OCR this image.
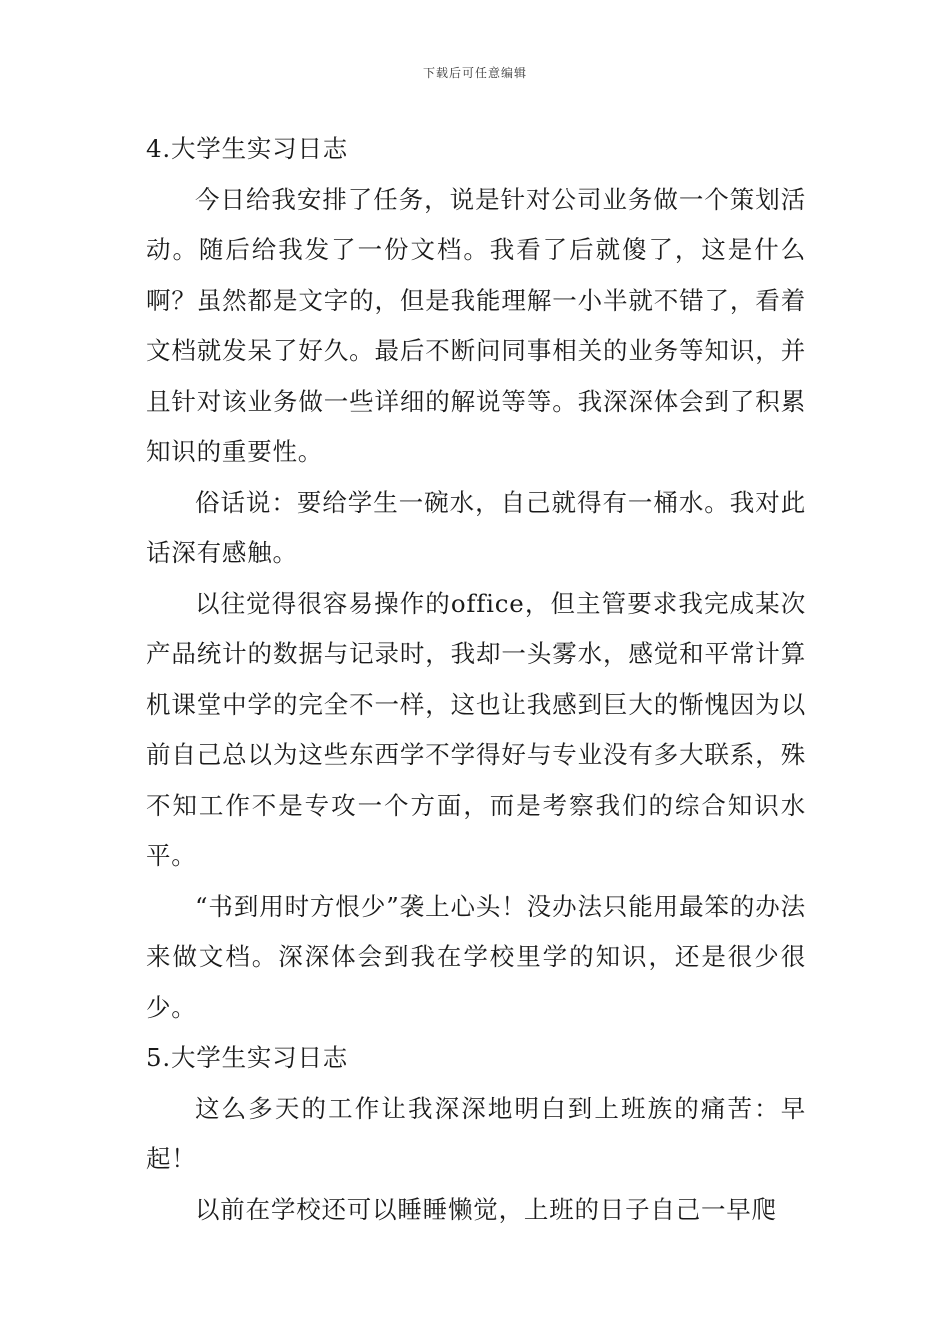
下载后可任意编辑
4.大学生实习日志

今日给我安排了任务，说是针对公司业务做一个策划活动。随后给我发了一份文档。我看了后就傻了，这是什么啊？虽然都是文字的，但是我能理解一小半就不错了，看着文档就发呆了好久。最后不断问同事相关的业务等知识，并且针对该业务做一些详细的解说等等。我深深体会到了积累知识的重要性。

俗话说：要给学生一碗水，自己就得有一桶水。我对此话深有感触。

以往觉得很容易操作的office，但主管要求我完成某次产品统计的数据与记录时，我却一头雾水，感觉和平常计算机课堂中学的完全不一样，这也让我感到巨大的惭愧因为以前自己总以为这些东西学不学得好与专业没有多大联系，殊不知工作不是专攻一个方面，而是考察我们的综合知识水平。

“书到用时方恨少”袭上心头！没办法只能用最笨的办法来做文档。深深体会到我在学校里学的知识，还是很少很少。

5.大学生实习日志

这么多天的工作让我深深地明白到上班族的痛苦：早起！

以前在学校还可以睡睡懒觉，上班的日子自己一早爬
